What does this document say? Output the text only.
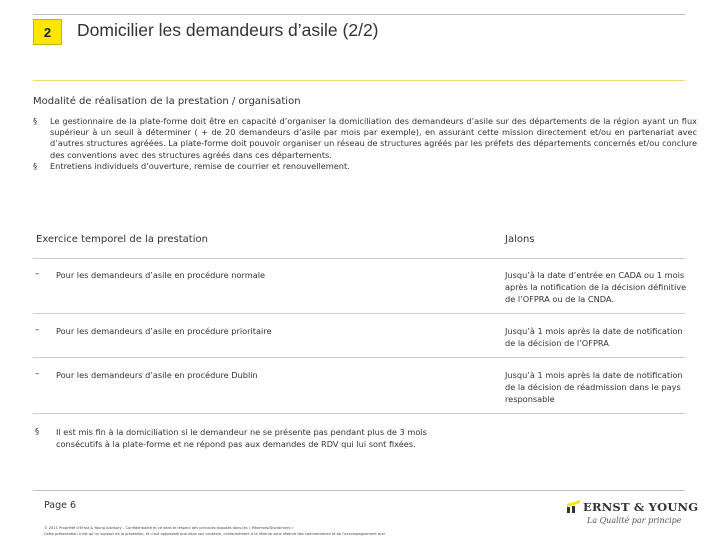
2	Domicilier les demandeurs d’asile (2/2)
Modalité de réalisation de la prestation / organisation
§ Le gestionnaire de la plate-forme doit être en capacité d’organiser la domiciliation des demandeurs d’asile sur des départements de la région ayant un flux supérieur à un seuil à déterminer ( + de 20 demandeurs d’asile par mois par exemple), en assurant cette mission directement et/ou en partenariat avec d’autres structures agréées. La plate-forme doit pouvoir organiser un réseau de structures agréés par les préfets des départements concernés et/ou conclure des conventions avec des structures agréés dans ces départements.
§ Entretiens individuels d’ouverture, remise de courrier et renouvellement.
Exercice temporel de la prestation	Jalons
– Pour les demandeurs d’asile en procédure normale	Jusqu’à la date d’entrée en CADA ou 1 mois après la notification de la décision définitive de l’OFPRA ou de la CNDA.
– Pour les demandeurs d’asile en procédure prioritaire	Jusqu’à 1 mois après la date de notification de la décision de l’OFPRA
– Pour les demandeurs d’asile en procédure Dublin	Jusqu’à 1 mois après la date de notification de la décision de réadmission dans le pays responsable
§ Il est mis fin à la domiciliation si le demandeur ne se présente pas pendant plus de 3 mois consécutifs à la plate-forme et ne répond pas aux demandes de RDV qui lui sont fixées.
Page 6
© 2011 Propriété d’Ernst & Young Advisory – Confidentialité et ce dans le respect des principes exposés dans les « Réserves/Disclaimers »
Cette présentation n’est qu’un support de la prestation, et n’est opposable que dans son contexte, conformément à la réserve sous réserve des commentaires et de l’accompagnement oral
ERNST & YOUNG
La Qualité par principe
